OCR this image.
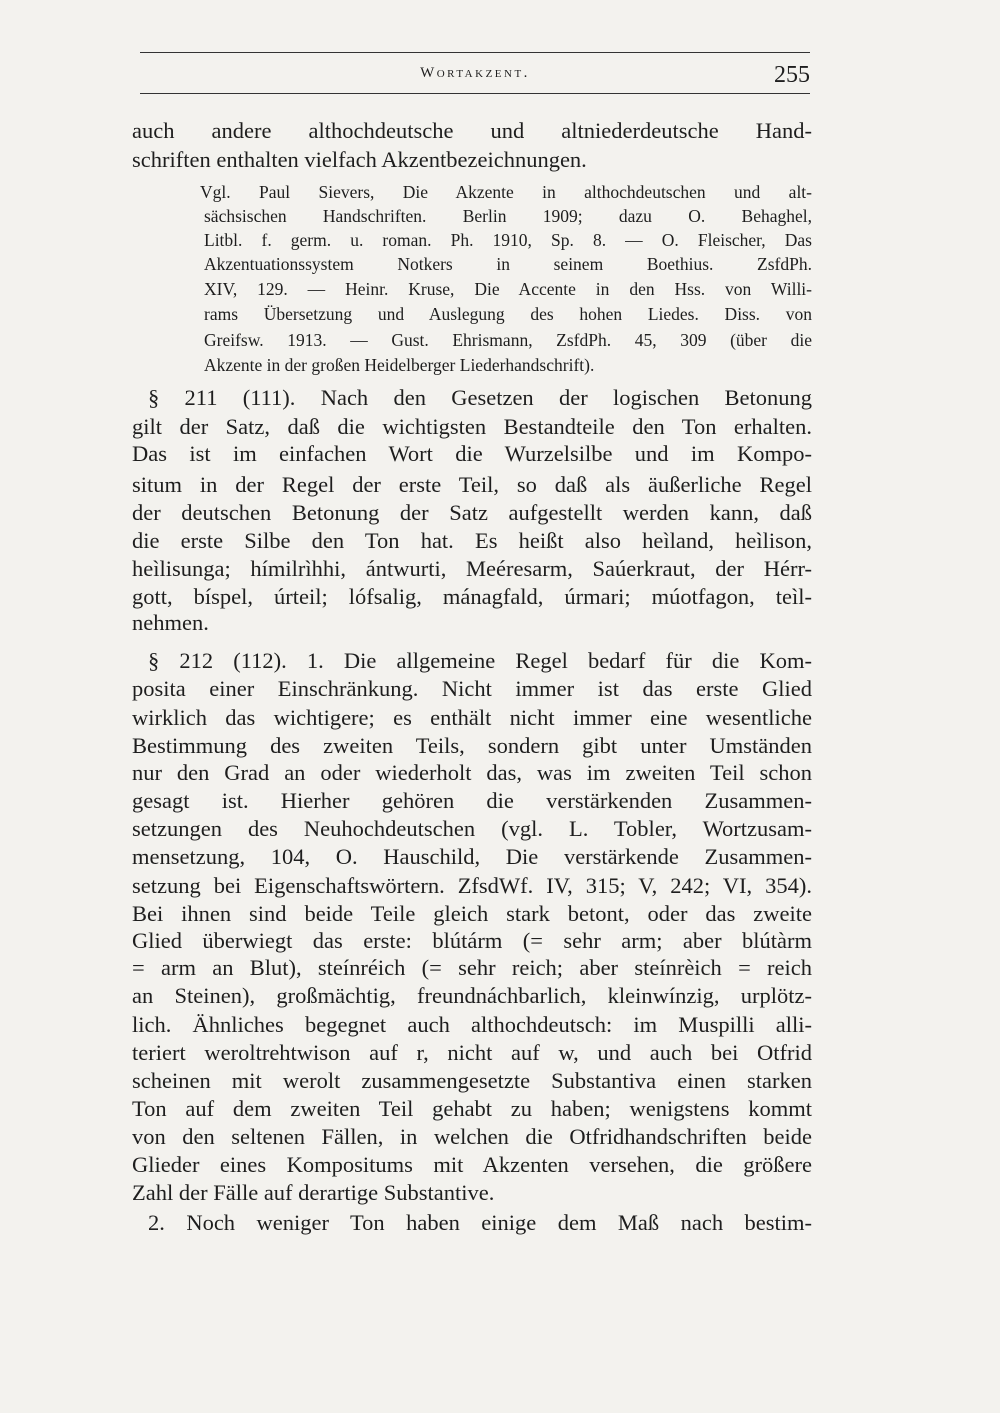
Wortakzent.	255
auch andere althochdeutsche und altniederdeutsche Hand-
schriften enthalten vielfach Akzentbezeichnungen.
Vgl. Paul Sievers, Die Akzente in althochdeutschen und alt-
sächsischen Handschriften. Berlin 1909; dazu O. Behaghel,
Litbl. f. germ. u. roman. Ph. 1910, Sp. 8. — O. Fleischer, Das
Akzentuationssystem Notkers in seinem Boethius. ZsfdPh.
XIV, 129. — Heinr. Kruse, Die Accente in den Hss. von Willi-
rams Übersetzung und Auslegung des hohen Liedes. Diss. von
Greifsw. 1913. — Gust. Ehrismann, ZsfdPh. 45, 309 (über die
Akzente in der großen Heidelberger Liederhandschrift).
§ 211 (111). Nach den Gesetzen der logischen Betonung
gilt der Satz, daß die wichtigsten Bestandteile den Ton erhalten.
Das ist im einfachen Wort die Wurzelsilbe und im Kompo-
situm in der Regel der erste Teil, so daß als äußerliche Regel
der deutschen Betonung der Satz aufgestellt werden kann, daß
die erste Silbe den Ton hat. Es heißt also heìland, heìlison,
heìlisunga; hímilrìhhi, ántwurti, Meéresarm, Saúerkraut, der Hérr-
gott, bíspel, úrteil; lófsalig, mánagfald, úrmari; múotfagon, teìl-
nehmen.
§ 212 (112). 1. Die allgemeine Regel bedarf für die Kom-
posita einer Einschränkung. Nicht immer ist das erste Glied
wirklich das wichtigere; es enthält nicht immer eine wesentliche
Bestimmung des zweiten Teils, sondern gibt unter Umständen
nur den Grad an oder wiederholt das, was im zweiten Teil schon
gesagt ist. Hierher gehören die verstärkenden Zusammen-
setzungen des Neuhochdeutschen (vgl. L. Tobler, Wortzusam-
mensetzung, 104, O. Hauschild, Die verstärkende Zusammen-
setzung bei Eigenschaftswörtern. ZfsdWf. IV, 315; V, 242; VI, 354).
Bei ihnen sind beide Teile gleich stark betont, oder das zweite
Glied überwiegt das erste: blútárm (= sehr arm; aber blútàrm
= arm an Blut), steínréich (= sehr reich; aber steínrèich = reich
an Steinen), großmächtig, freundnáchbarlich, kleinwínzig, urplötz-
lich. Ähnliches begegnet auch althochdeutsch: im Muspilli alli-
teriert weroltrehtwison auf r, nicht auf w, und auch bei Otfrid
scheinen mit werolt zusammengesetzte Substantiva einen starken
Ton auf dem zweiten Teil gehabt zu haben; wenigstens kommt
von den seltenen Fällen, in welchen die Otfridhandschriften beide
Glieder eines Kompositums mit Akzenten versehen, die größere
Zahl der Fälle auf derartige Substantive.
2. Noch weniger Ton haben einige dem Maß nach bestim-
